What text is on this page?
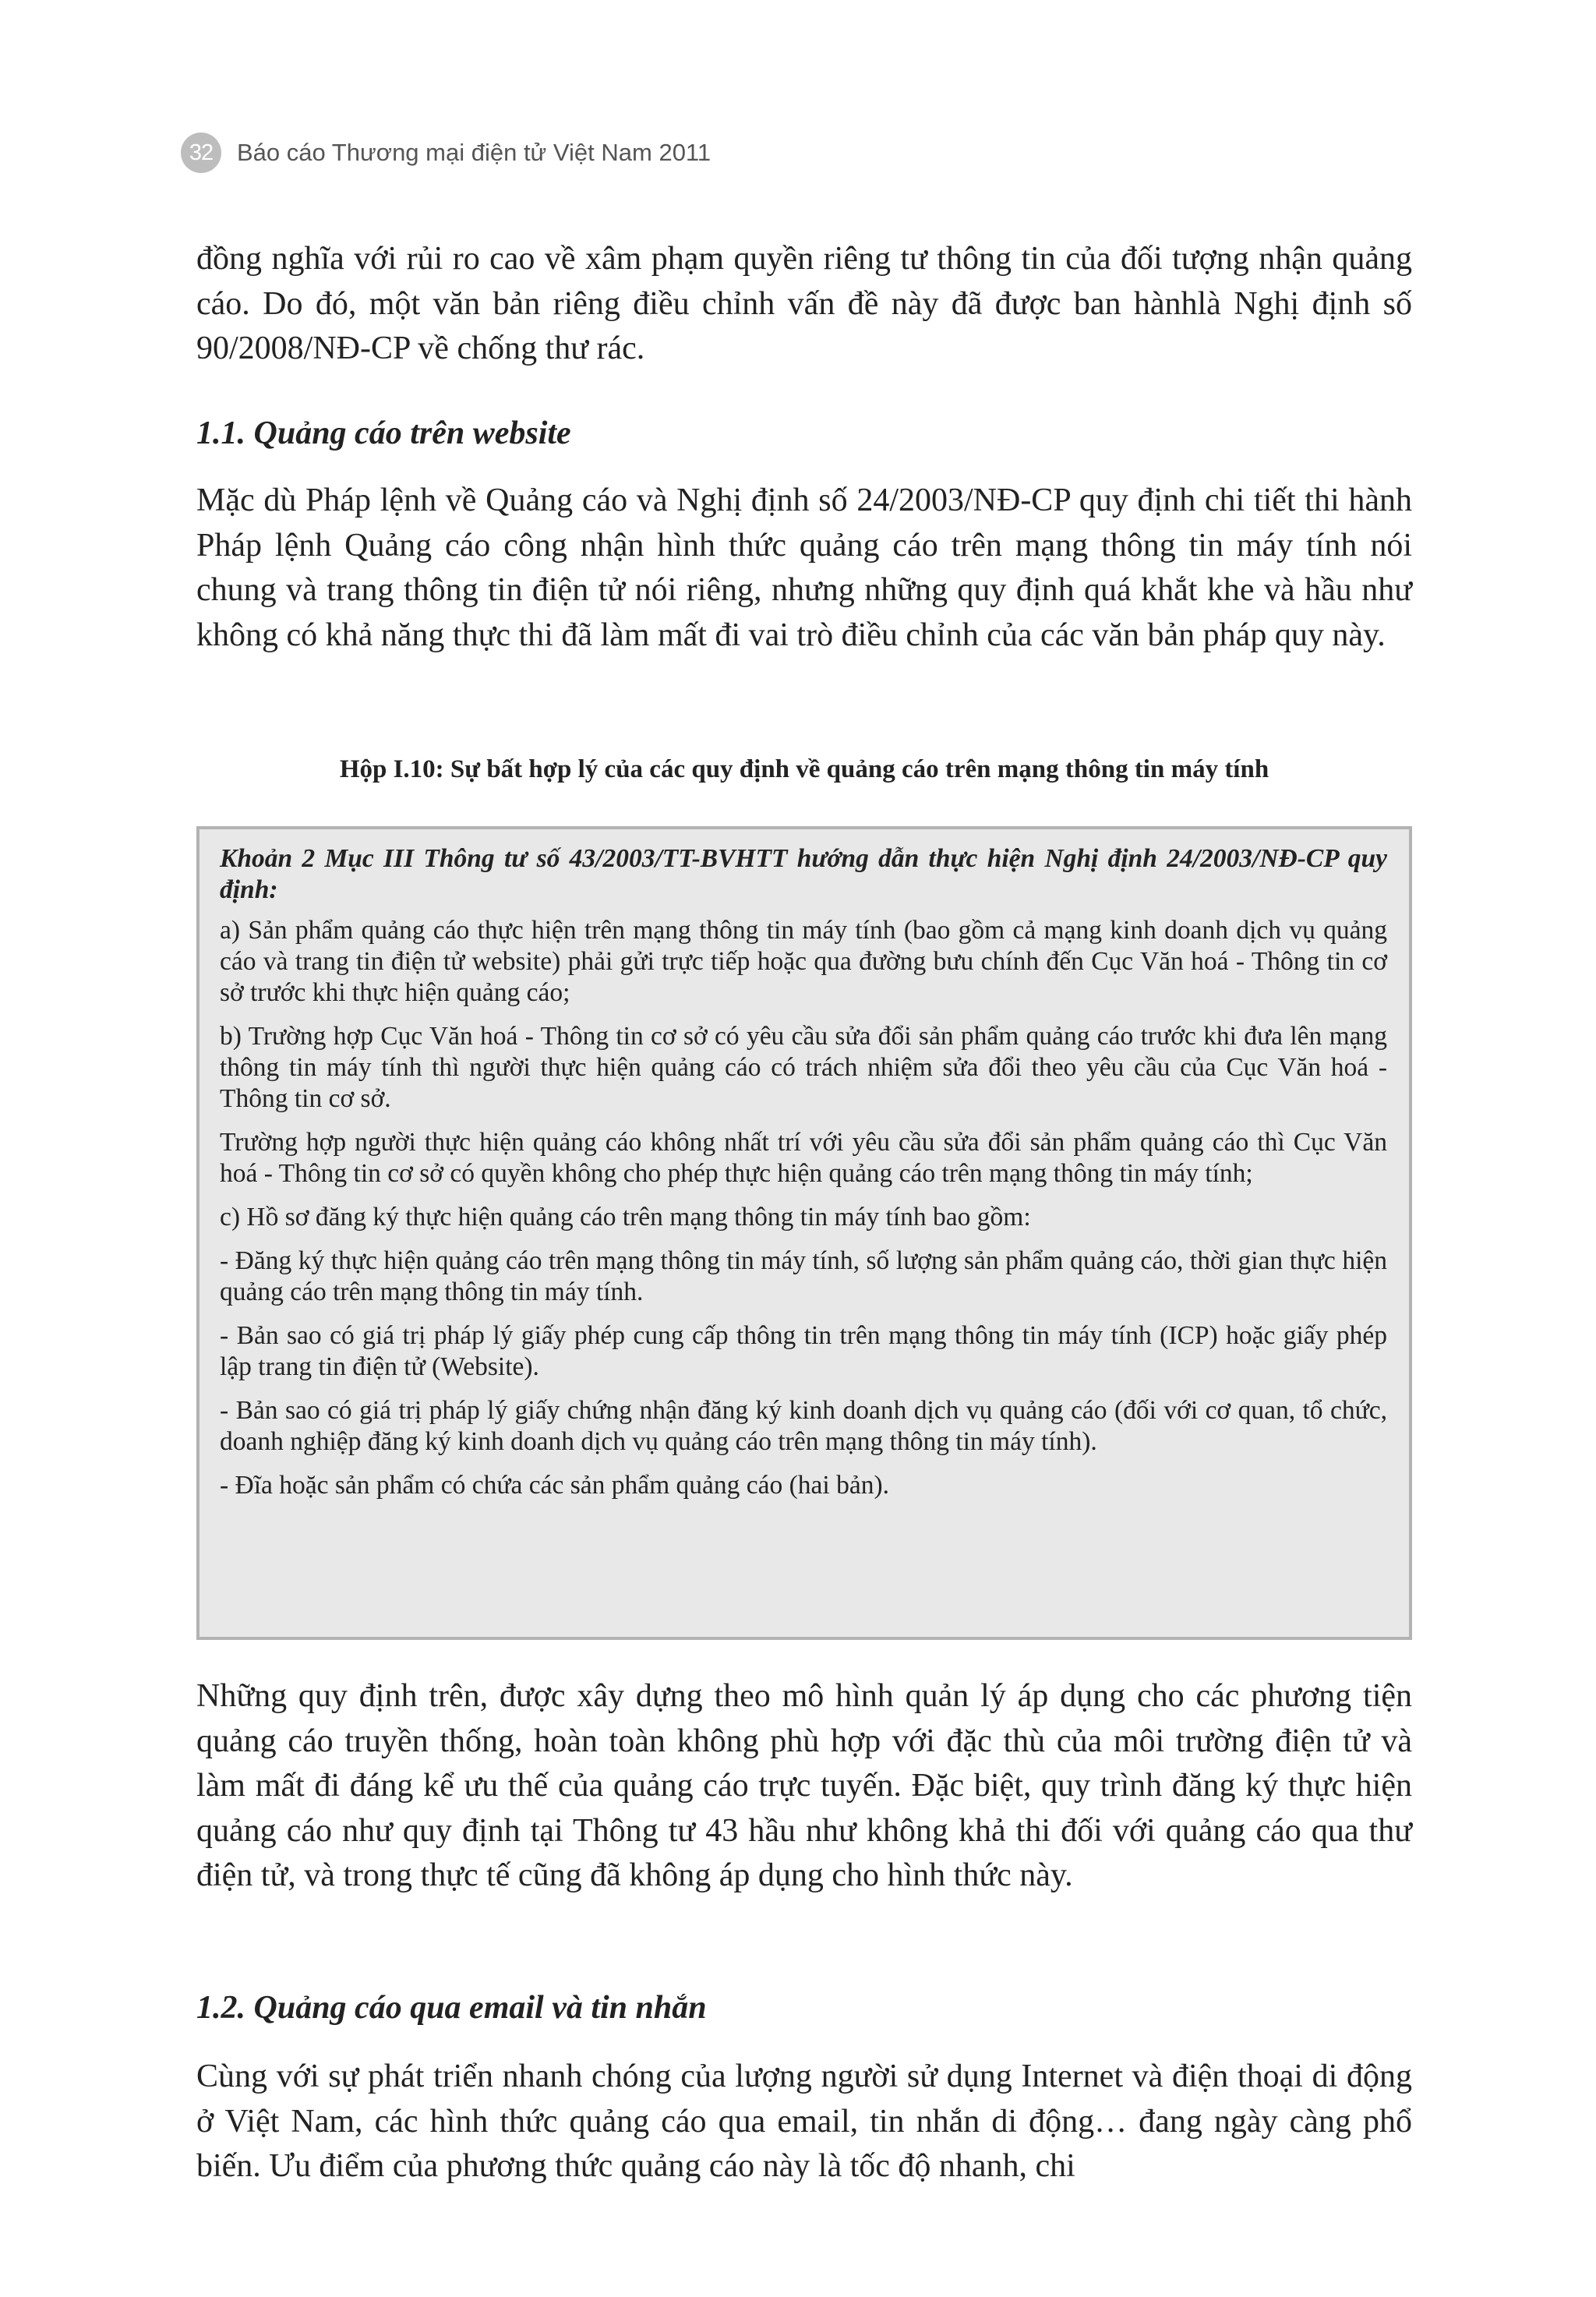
32 Báo cáo Thương mại điện tử Việt Nam 2011

đồng nghĩa với rủi ro cao về xâm phạm quyền riêng tư thông tin của đối tượng nhận quảng cáo. Do đó, một văn bản riêng điều chỉnh vấn đề này đã được ban hànhlà Nghị định số 90/2008/NĐ-CP về chống thư rác.

1.1. Quảng cáo trên website

Mặc dù Pháp lệnh về Quảng cáo và Nghị định số 24/2003/NĐ-CP quy định chi tiết thi hành Pháp lệnh Quảng cáo công nhận hình thức quảng cáo trên mạng thông tin máy tính nói chung và trang thông tin điện tử nói riêng, nhưng những quy định quá khắt khe và hầu như không có khả năng thực thi đã làm mất đi vai trò điều chỉnh của các văn bản pháp quy này.

Hộp I.10: Sự bất hợp lý của các quy định về quảng cáo trên mạng thông tin máy tính

Khoản 2 Mục III Thông tư số 43/2003/TT-BVHTT hướng dẫn thực hiện Nghị định 24/2003/NĐ-CP quy định:

a) Sản phẩm quảng cáo thực hiện trên mạng thông tin máy tính (bao gồm cả mạng kinh doanh dịch vụ quảng cáo và trang tin điện tử website) phải gửi trực tiếp hoặc qua đường bưu chính đến Cục Văn hoá - Thông tin cơ sở trước khi thực hiện quảng cáo;

b) Trường hợp Cục Văn hoá - Thông tin cơ sở có yêu cầu sửa đổi sản phẩm quảng cáo trước khi đưa lên mạng thông tin máy tính thì người thực hiện quảng cáo có trách nhiệm sửa đổi theo yêu cầu của Cục Văn hoá - Thông tin cơ sở.

Trường hợp người thực hiện quảng cáo không nhất trí với yêu cầu sửa đổi sản phẩm quảng cáo thì Cục Văn hoá - Thông tin cơ sở có quyền không cho phép thực hiện quảng cáo trên mạng thông tin máy tính;

c) Hồ sơ đăng ký thực hiện quảng cáo trên mạng thông tin máy tính bao gồm:

- Đăng ký thực hiện quảng cáo trên mạng thông tin máy tính, số lượng sản phẩm quảng cáo, thời gian thực hiện quảng cáo trên mạng thông tin máy tính.

- Bản sao có giá trị pháp lý giấy phép cung cấp thông tin trên mạng thông tin máy tính (ICP) hoặc giấy phép lập trang tin điện tử (Website).

- Bản sao có giá trị pháp lý giấy chứng nhận đăng ký kinh doanh dịch vụ quảng cáo (đối với cơ quan, tổ chức, doanh nghiệp đăng ký kinh doanh dịch vụ quảng cáo trên mạng thông tin máy tính).

- Đĩa hoặc sản phẩm có chứa các sản phẩm quảng cáo (hai bản).

Những quy định trên, được xây dựng theo mô hình quản lý áp dụng cho các phương tiện quảng cáo truyền thống, hoàn toàn không phù hợp với đặc thù của môi trường điện tử và làm mất đi đáng kể ưu thế của quảng cáo trực tuyến. Đặc biệt, quy trình đăng ký thực hiện quảng cáo như quy định tại Thông tư 43 hầu như không khả thi đối với quảng cáo qua thư điện tử, và trong thực tế cũng đã không áp dụng cho hình thức này.

1.2. Quảng cáo qua email và tin nhắn

Cùng với sự phát triển nhanh chóng của lượng người sử dụng Internet và điện thoại di động ở Việt Nam, các hình thức quảng cáo qua email, tin nhắn di động… đang ngày càng phổ biến. Ưu điểm của phương thức quảng cáo này là tốc độ nhanh, chi
